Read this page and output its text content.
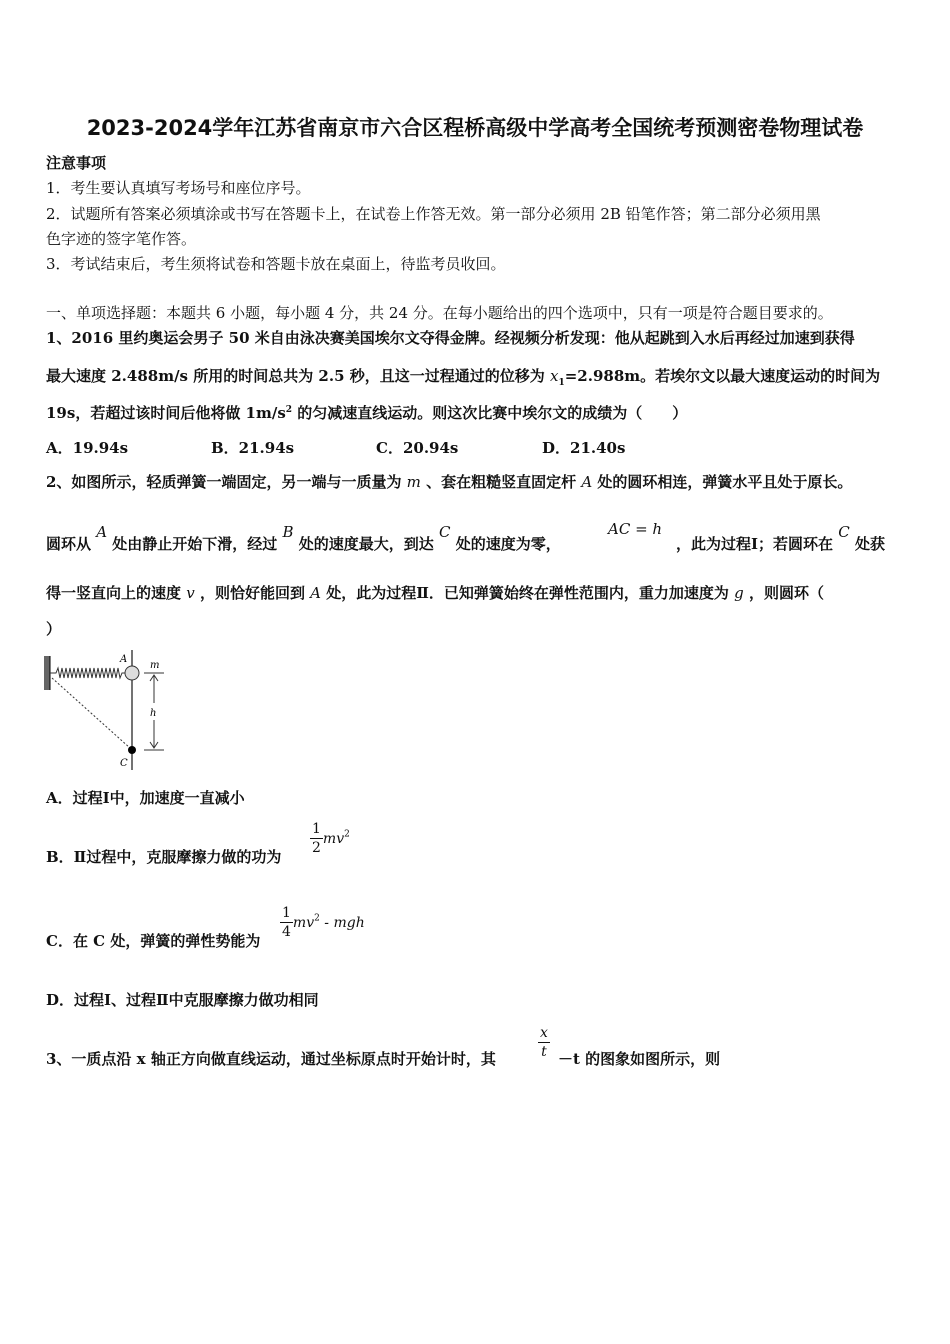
2023-2024学年江苏省南京市六合区程桥高级中学高考全国统考预测密卷物理试卷
注意事项
1．考生要认真填写考场号和座位序号。
2．试题所有答案必须填涂或书写在答题卡上，在试卷上作答无效。第一部分必须用 2B 铅笔作答；第二部分必须用黑
色字迹的签字笔作答。
3．考试结束后，考生须将试卷和答题卡放在桌面上，待监考员收回。
一、单项选择题：本题共 6 小题，每小题 4 分，共 24 分。在每小题给出的四个选项中，只有一项是符合题目要求的。
1、2016 里约奥运会男子 50 米自由泳决赛美国埃尔文夺得金牌。经视频分析发现：他从起跳到入水后再经过加速到获得
最大速度 2.488m/s 所用的时间总共为 2.5 秒，且这一过程通过的位移为 $x_1=2.988m$。若埃尔文以最大速度运动的时间为
19s，若超过该时间后他将做 $1m/s^2$ 的匀减速直线运动。则这次比赛中埃尔文的成绩为（　　）
A．19.94s	B．21.94s	C．20.94s	D．21.40s
2、如图所示，轻质弹簧一端固定，另一端与一质量为 m 、套在粗糙竖直固定杆 A 处的圆环相连，弹簧水平且处于原长。
圆环从 A 处由静止开始下滑，经过 B 处的速度最大，到达 C 处的速度为零，
AC = h
，此为过程Ⅰ；若圆环在 C 处获
得一竖直向上的速度 v ，则恰好能回到 A 处，此为过程Ⅱ．已知弹簧始终在弹性范围内，重力加速度为 g ，则圆环（
）
A
m
h
C
A．过程Ⅰ中，加速度一直减小
B．Ⅱ过程中，克服摩擦力做的功为 $\frac{1}{2} mv^2$
C．在 C 处，弹簧的弹性势能为 $\frac{1}{4} mv^2$ - mgh
D．过程Ⅰ、过程Ⅱ中克服摩擦力做功相同
3、一质点沿 x 轴正方向做直线运动，通过坐标原点时开始计时，其	$\frac{x}{t} -t$ 的图象如图所示，则
